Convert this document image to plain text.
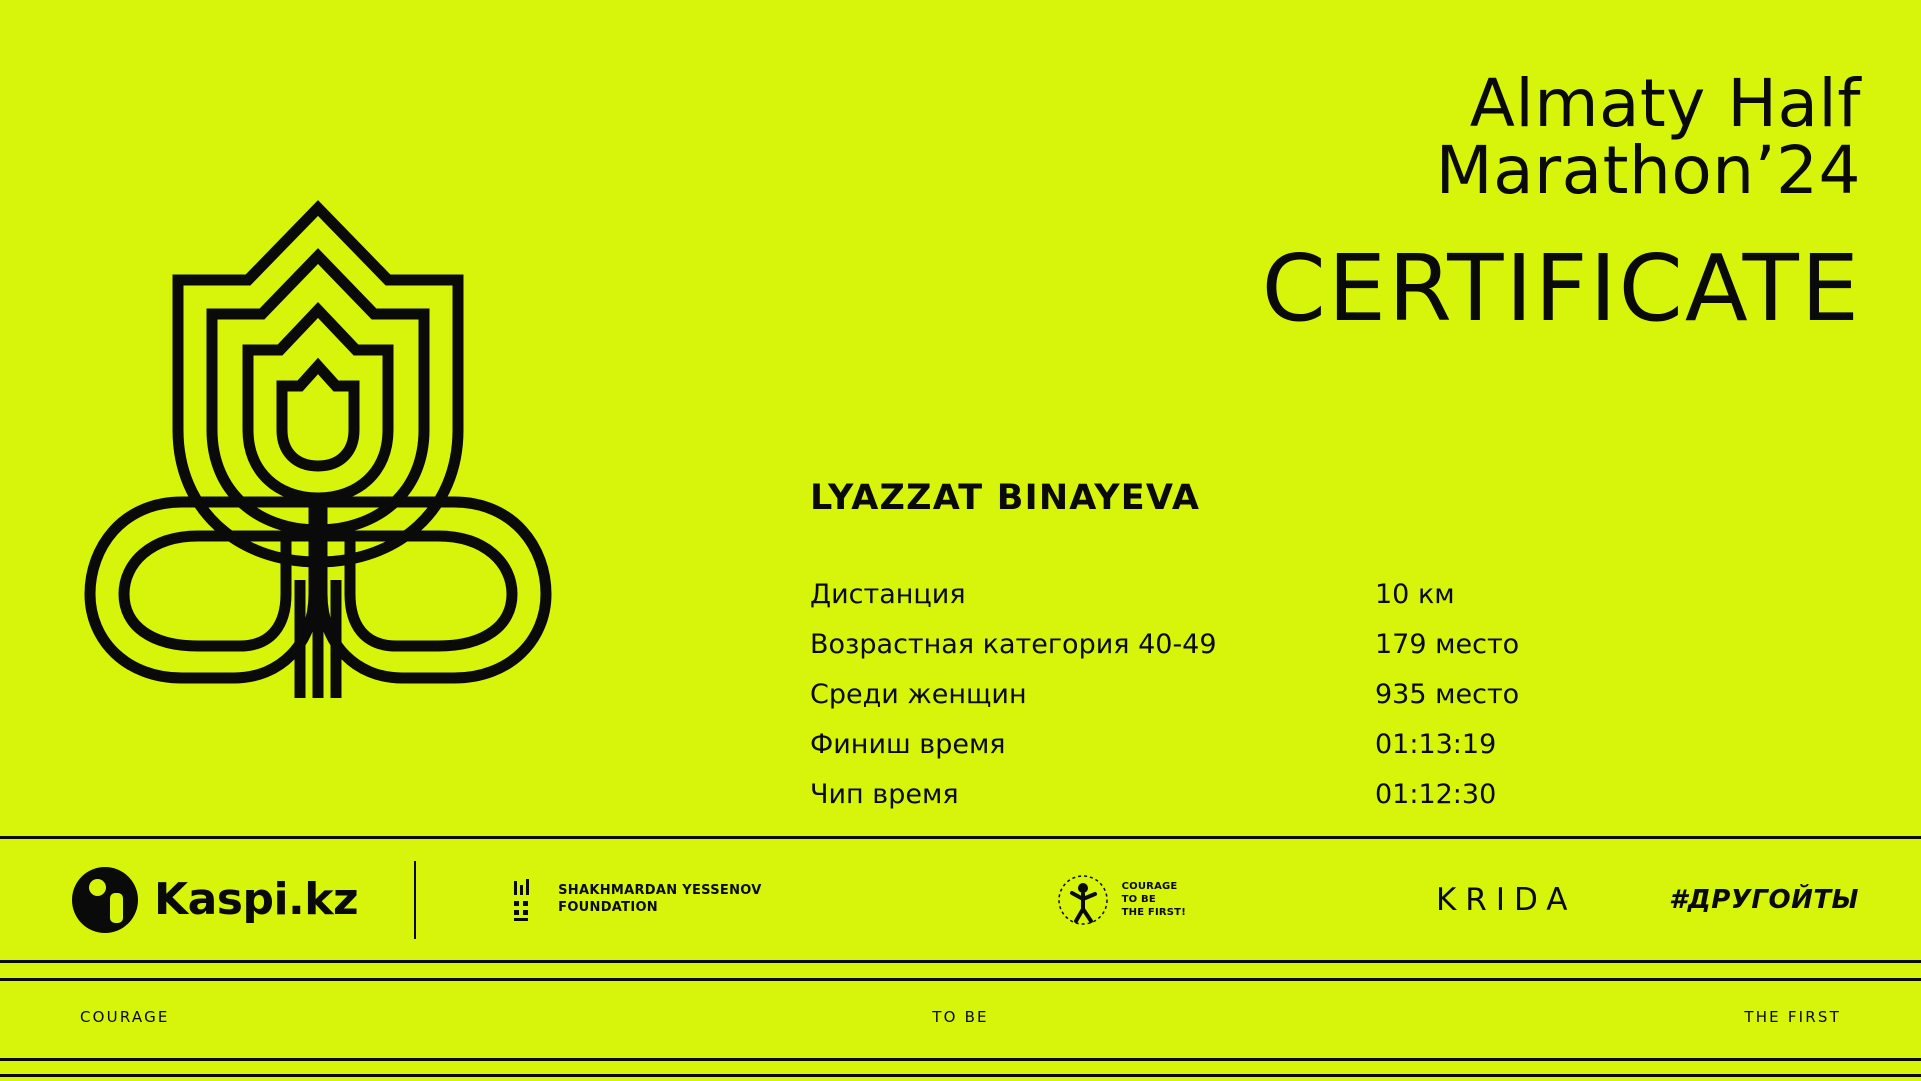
Almaty Half
Marathon’24
CERTIFICATE
LYAZZAT BINAYEVA
Дистанция	10 км
Возрастная категория 40-49	179 место
Среди женщин	935 место
Финиш время	01:13:19
Чип время	01:12:30
Kaspi.kz	SHAKHMARDAN YESSENOV
FOUNDATION
COURAGE
TO BE
THE FIRST!	KRIDA	#ДРУГОЙТЫ
COURAGE	TO BE	THE FIRST
